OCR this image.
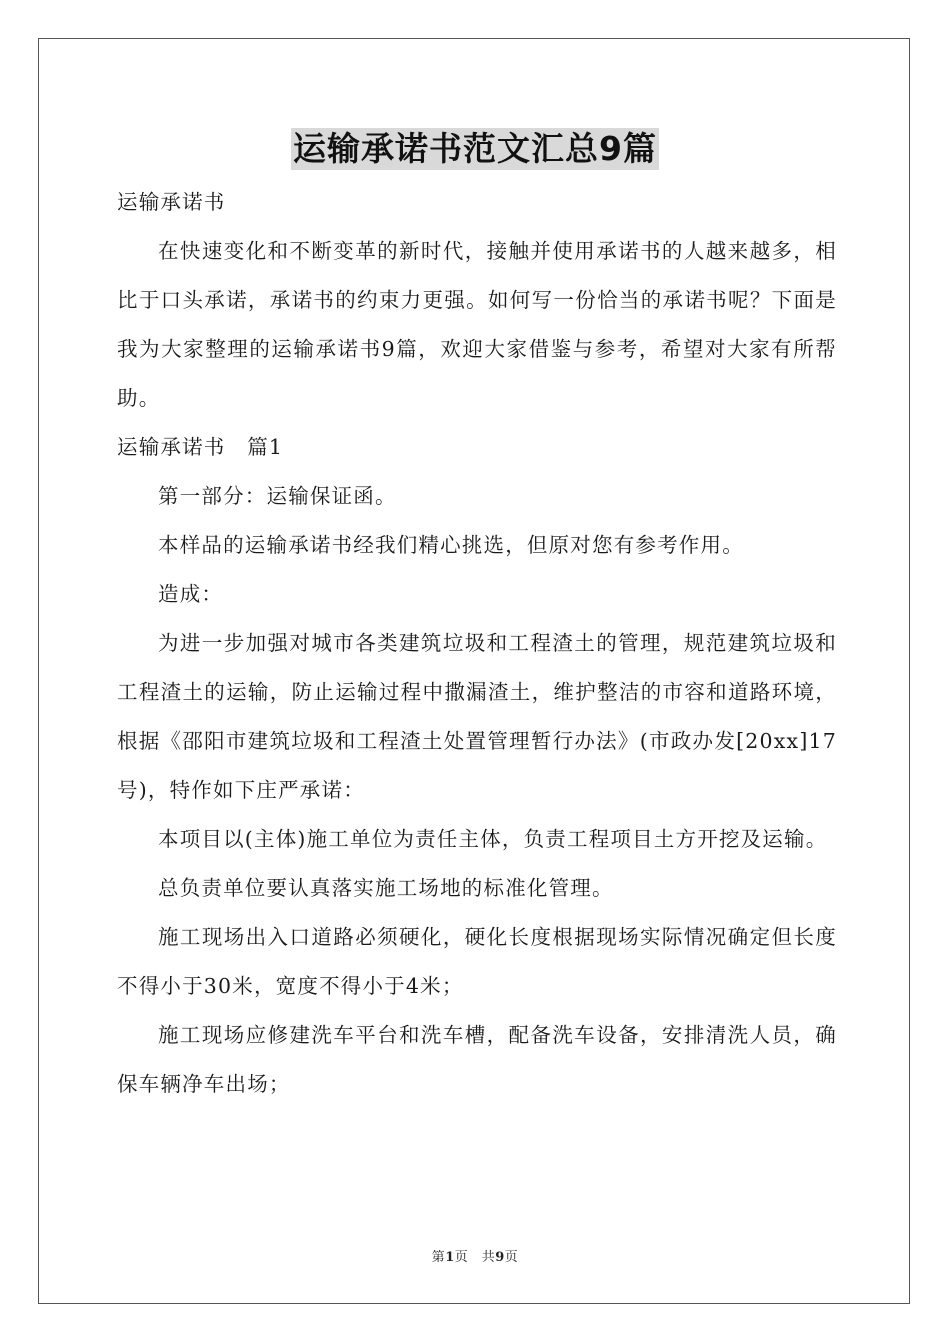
运输承诺书范文汇总9篇

运输承诺书

在快速变化和不断变革的新时代，接触并使用承诺书的人越来越多，相比于口头承诺，承诺书的约束力更强。如何写一份恰当的承诺书呢？下面是我为大家整理的运输承诺书9篇，欢迎大家借鉴与参考，希望对大家有所帮助。

运输承诺书　篇1

第一部分：运输保证函。

本样品的运输承诺书经我们精心挑选，但原对您有参考作用。

造成：

为进一步加强对城市各类建筑垃圾和工程渣土的管理，规范建筑垃圾和工程渣土的运输，防止运输过程中撒漏渣土，维护整洁的市容和道路环境，根据《邵阳市建筑垃圾和工程渣土处置管理暂行办法》(市政办发[20xx]17号)，特作如下庄严承诺：

本项目以(主体)施工单位为责任主体，负责工程项目土方开挖及运输。

总负责单位要认真落实施工场地的标准化管理。

施工现场出入口道路必须硬化，硬化长度根据现场实际情况确定但长度不得小于30米，宽度不得小于4米；

施工现场应修建洗车平台和洗车槽，配备洗车设备，安排清洗人员，确保车辆净车出场；

第1页　共9页
